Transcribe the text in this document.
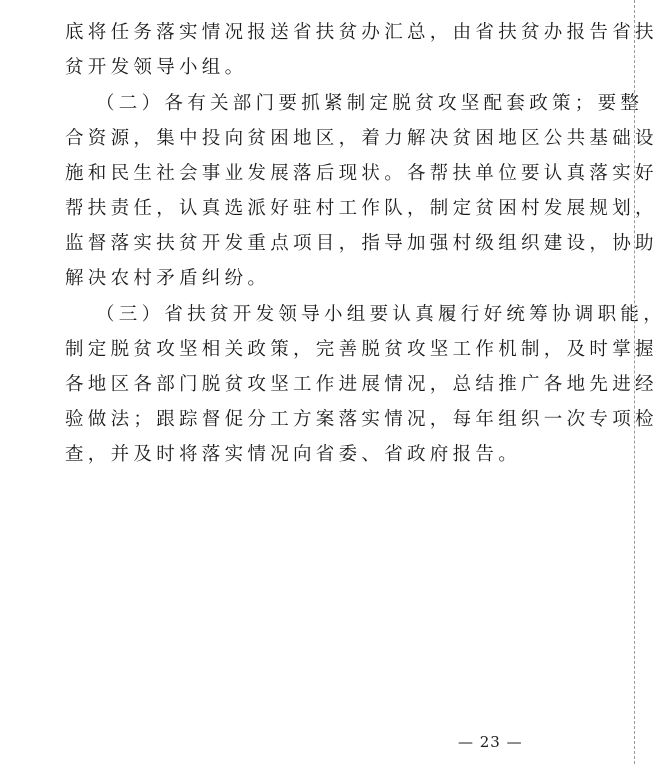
底将任务落实情况报送省扶贫办汇总，由省扶贫办报告省扶
贫开发领导小组。
（二）各有关部门要抓紧制定脱贫攻坚配套政策；要整
合资源，集中投向贫困地区，着力解决贫困地区公共基础设
施和民生社会事业发展落后现状。各帮扶单位要认真落实好
帮扶责任，认真选派好驻村工作队，制定贫困村发展规划，
监督落实扶贫开发重点项目，指导加强村级组织建设，协助
解决农村矛盾纠纷。
（三）省扶贫开发领导小组要认真履行好统筹协调职能，
制定脱贫攻坚相关政策，完善脱贫攻坚工作机制，及时掌握
各地区各部门脱贫攻坚工作进展情况，总结推广各地先进经
验做法；跟踪督促分工方案落实情况，每年组织一次专项检
查，并及时将落实情况向省委、省政府报告。
— 23 —
